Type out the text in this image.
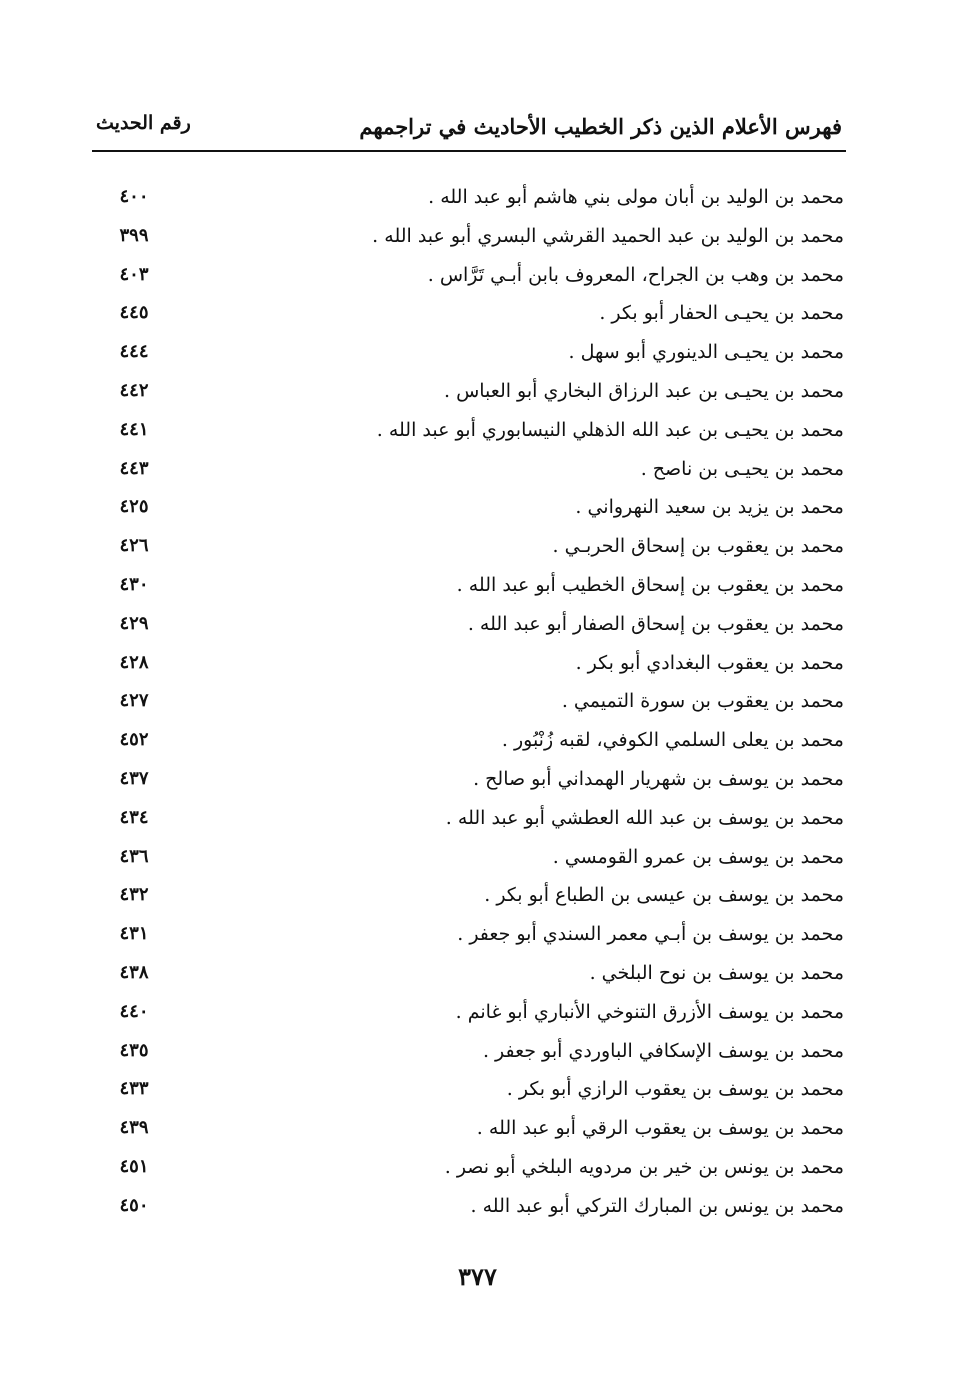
فهرس الأعلام الذين ذكر الخطيب الأحاديث في تراجمهم
رقم الحديث
محمد بن الوليد بن أبان مولى بني هاشم أبو عبد الله .
٤٠٠
محمد بن الوليد بن عبد الحميد القرشي البسري أبو عبد الله .
٣٩٩
محمد بن وهب بن الجراح، المعروف بابن أبـي تَرَّاس .
٤٠٣
محمد بن يحيـى الحفار أبو بكر .
٤٤٥
محمد بن يحيـى الدينوري أبو سهل .
٤٤٤
محمد بن يحيـى بن عبد الرزاق البخاري أبو العباس .
٤٤٢
محمد بن يحيـى بن عبد الله الذهلي النيسابوري أبو عبد الله .
٤٤١
محمد بن يحيـى بن ناصح .
٤٤٣
محمد بن يزيد بن سعيد النهرواني .
٤٢٥
محمد بن يعقوب بن إسحاق الحربـي .
٤٢٦
محمد بن يعقوب بن إسحاق الخطيب أبو عبد الله .
٤٣٠
محمد بن يعقوب بن إسحاق الصفار أبو عبد الله .
٤٢٩
محمد بن يعقوب البغدادي أبو بكر .
٤٢٨
محمد بن يعقوب بن سورة التميمي .
٤٢٧
محمد بن يعلى السلمي الكوفي، لقبه زُنْبُور .
٤٥٢
محمد بن يوسف بن شهريار الهمداني أبو صالح .
٤٣٧
محمد بن يوسف بن عبد الله العطشي أبو عبد الله .
٤٣٤
محمد بن يوسف بن عمرو القومسي .
٤٣٦
محمد بن يوسف بن عيسى بن الطباع أبو بكر .
٤٣٢
محمد بن يوسف بن أبـي معمر السندي أبو جعفر .
٤٣١
محمد بن يوسف بن نوح البلخي .
٤٣٨
محمد بن يوسف الأزرق التنوخي الأنباري أبو غانم .
٤٤٠
محمد بن يوسف الإسكافي الباوردي أبو جعفر .
٤٣٥
محمد بن يوسف بن يعقوب الرازي أبو بكر .
٤٣٣
محمد بن يوسف بن يعقوب الرقي أبو عبد الله .
٤٣٩
محمد بن يونس بن خير بن مردويه البلخي أبو نصر .
٤٥١
محمد بن يونس بن المبارك التركي أبو عبد الله .
٤٥٠
٣٧٧
